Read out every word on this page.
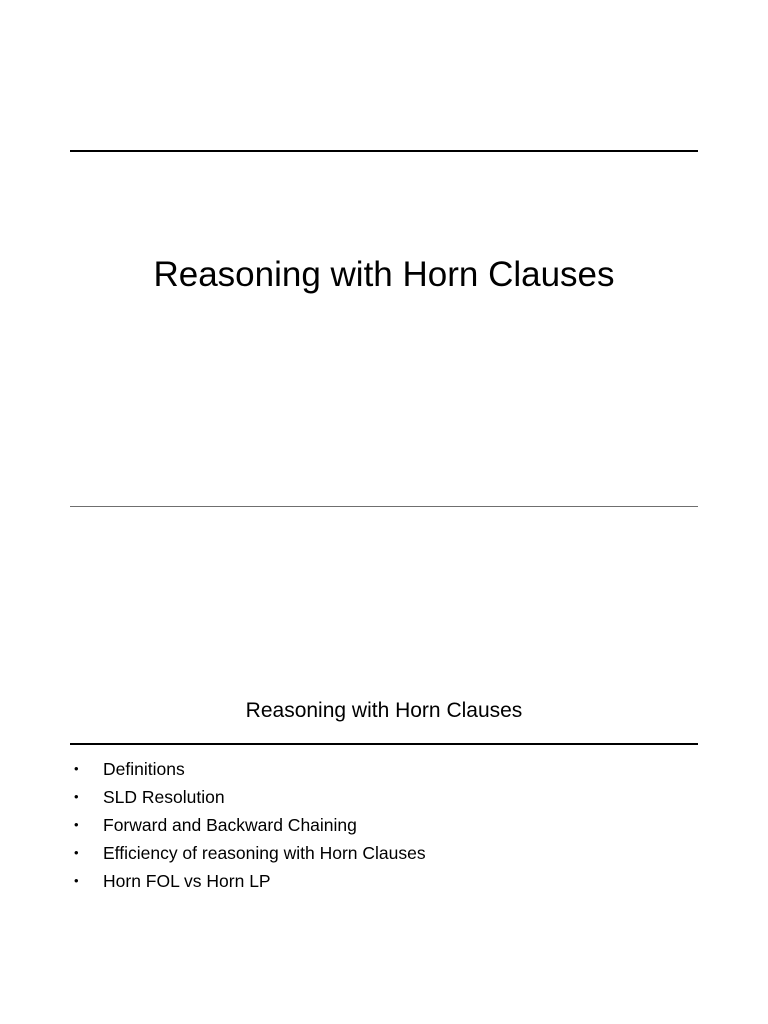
Reasoning with Horn Clauses
Reasoning with Horn Clauses
•	Definitions
•	SLD Resolution
•	Forward and Backward Chaining
•	Efficiency of reasoning with Horn Clauses
•	Horn FOL vs Horn LP
